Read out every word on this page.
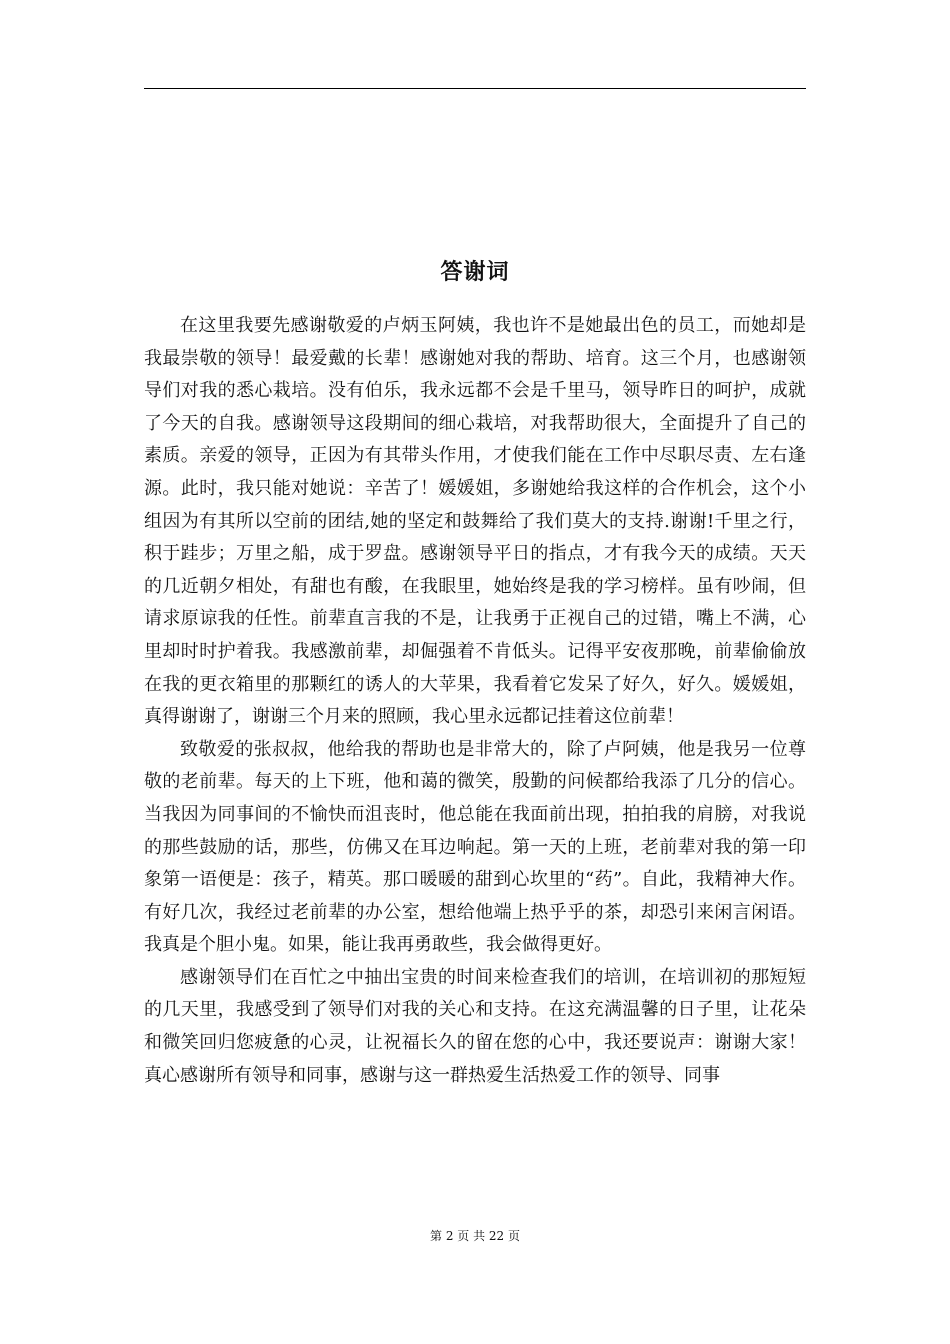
答谢词

在这里我要先感谢敬爱的卢炳玉阿姨，我也许不是她最出色的员工，而她却是我最崇敬的领导！最爱戴的长辈！感谢她对我的帮助、培育。这三个月，也感谢领导们对我的悉心栽培。没有伯乐，我永远都不会是千里马，领导昨日的呵护，成就了今天的自我。感谢领导这段期间的细心栽培，对我帮助很大，全面提升了自己的素质。亲爱的领导，正因为有其带头作用，才使我们能在工作中尽职尽责、左右逢源。此时，我只能对她说：辛苦了！媛媛姐，多谢她给我这样的合作机会，这个小组因为有其所以空前的团结,她的坚定和鼓舞给了我们莫大的支持.谢谢!千里之行，积于跬步；万里之船，成于罗盘。感谢领导平日的指点，才有我今天的成绩。天天的几近朝夕相处，有甜也有酸，在我眼里，她始终是我的学习榜样。虽有吵闹，但请求原谅我的任性。前辈直言我的不是，让我勇于正视自己的过错，嘴上不满，心里却时时护着我。我感激前辈，却倔强着不肯低头。记得平安夜那晚，前辈偷偷放在我的更衣箱里的那颗红的诱人的大苹果，我看着它发呆了好久，好久。媛媛姐，真得谢谢了，谢谢三个月来的照顾，我心里永远都记挂着这位前辈！

致敬爱的张叔叔，他给我的帮助也是非常大的，除了卢阿姨，他是我另一位尊敬的老前辈。每天的上下班，他和蔼的微笑，殷勤的问候都给我添了几分的信心。当我因为同事间的不愉快而沮丧时，他总能在我面前出现，拍拍我的肩膀，对我说的那些鼓励的话，那些，仿佛又在耳边响起。第一天的上班，老前辈对我的第一印象第一语便是：孩子，精英。那口暖暖的甜到心坎里的“药”。自此，我精神大作。有好几次，我经过老前辈的办公室，想给他端上热乎乎的茶，却恐引来闲言闲语。我真是个胆小鬼。如果，能让我再勇敢些，我会做得更好。

感谢领导们在百忙之中抽出宝贵的时间来检查我们的培训，在培训初的那短短的几天里，我感受到了领导们对我的关心和支持。在这充满温馨的日子里，让花朵和微笑回归您疲惫的心灵，让祝福长久的留在您的心中，我还要说声：谢谢大家！真心感谢所有领导和同事，感谢与这一群热爱生活热爱工作的领导、同事

第 2 页 共 22 页
